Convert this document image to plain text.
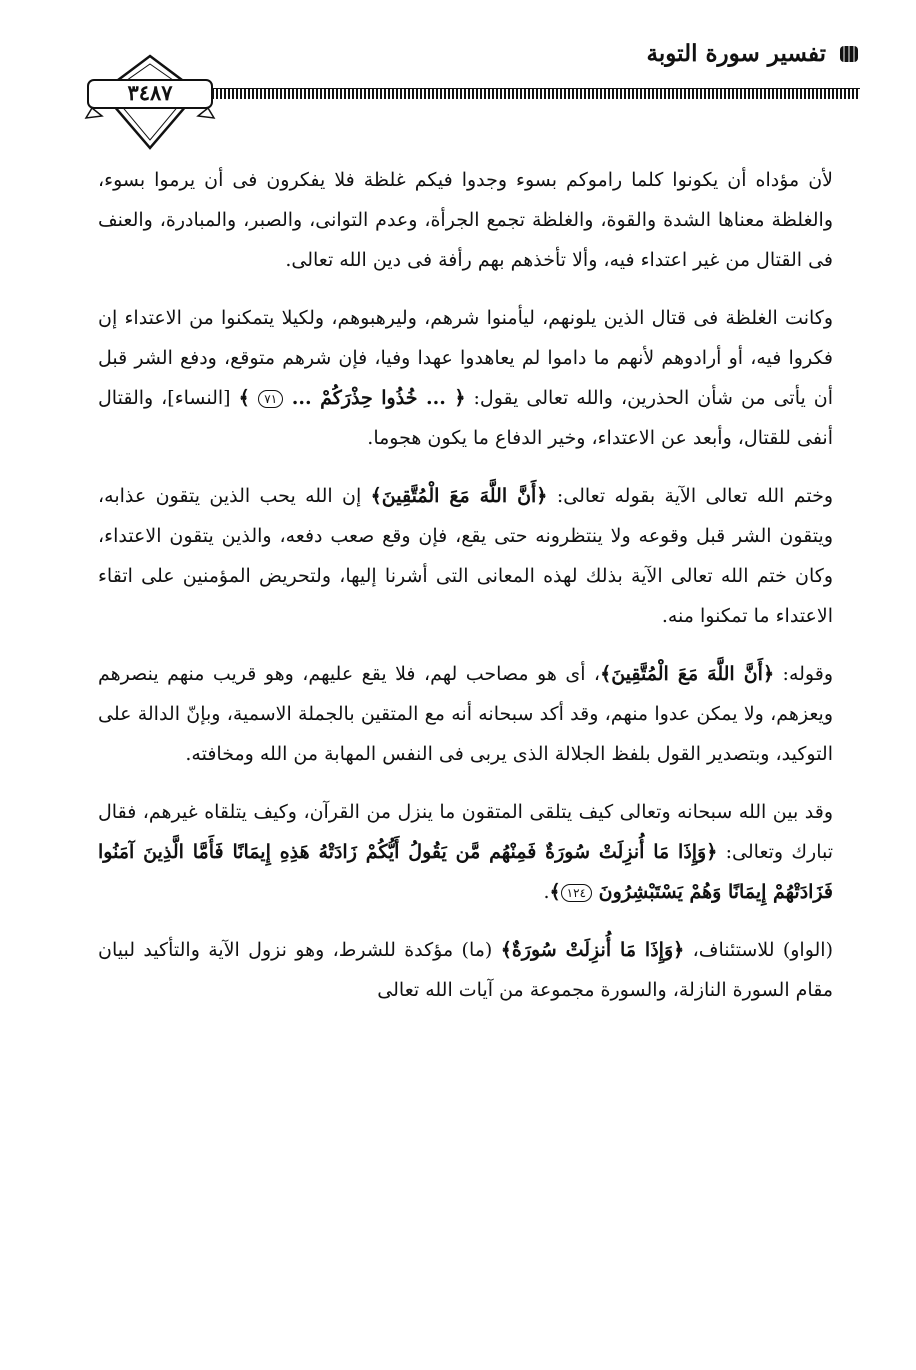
تفسير سورة التوبة
٣٤٨٧

لأن مؤداه أن يكونوا كلما راموكم بسوء وجدوا فيكم غلظة فلا يفكرون فى أن يرموا بسوء، والغلظة معناها الشدة والقوة، والغلظة تجمع الجرأة، وعدم التوانى، والصبر، والمبادرة، والعنف فى القتال من غير اعتداء فيه، وألا تأخذهم بهم رأفة فى دين الله تعالى.

وكانت الغلظة فى قتال الذين يلونهم، ليأمنوا شرهم، وليرهبوهم، ولكيلا يتمكنوا من الاعتداء إن فكروا فيه، أو أرادوهم لأنهم ما داموا لم يعاهدوا عهدا وفيا، فإن شرهم متوقع، ودفع الشر قبل أن يأتى من شأن الحذرين، والله تعالى يقول: ﴿ ... خُذُوا حِذْرَكُمْ ... ٧١ ﴾ [النساء]، والقتال أنفى للقتال، وأبعد عن الاعتداء، وخير الدفاع ما يكون هجوما.

وختم الله تعالى الآية بقوله تعالى: ﴿أَنَّ اللَّهَ مَعَ الْمُتَّقِينَ﴾ إن الله يحب الذين يتقون عذابه، ويتقون الشر قبل وقوعه ولا ينتظرونه حتى يقع، فإن وقع صعب دفعه، والذين يتقون الاعتداء، وكان ختم الله تعالى الآية بذلك لهذه المعانى التى أشرنا إليها، ولتحريض المؤمنين على اتقاء الاعتداء ما تمكنوا منه.

وقوله: ﴿أَنَّ اللَّهَ مَعَ الْمُتَّقِينَ﴾، أى هو مصاحب لهم، فلا يقع عليهم، وهو قريب منهم ينصرهم ويعزهم، ولا يمكن عدوا منهم، وقد أكد سبحانه أنه مع المتقين بالجملة الاسمية، وبإنّ الدالة على التوكيد، وبتصدير القول بلفظ الجلالة الذى يربى فى النفس المهابة من الله ومخافته.

وقد بين الله سبحانه وتعالى كيف يتلقى المتقون ما ينزل من القرآن، وكيف يتلقاه غيرهم، فقال تبارك وتعالى: ﴿وَإِذَا مَا أُنزِلَتْ سُورَةٌ فَمِنْهُم مَّن يَقُولُ أَيُّكُمْ زَادَتْهُ هَذِهِ إِيمَانًا فَأَمَّا الَّذِينَ آمَنُوا فَزَادَتْهُمْ إِيمَانًا وَهُمْ يَسْتَبْشِرُونَ ١٢٤﴾.

(الواو) للاستئناف، ﴿وَإِذَا مَا أُنزِلَتْ سُورَةٌ﴾ (ما) مؤكدة للشرط، وهو نزول الآية والتأكيد لبيان مقام السورة النازلة، والسورة مجموعة من آيات الله تعالى
